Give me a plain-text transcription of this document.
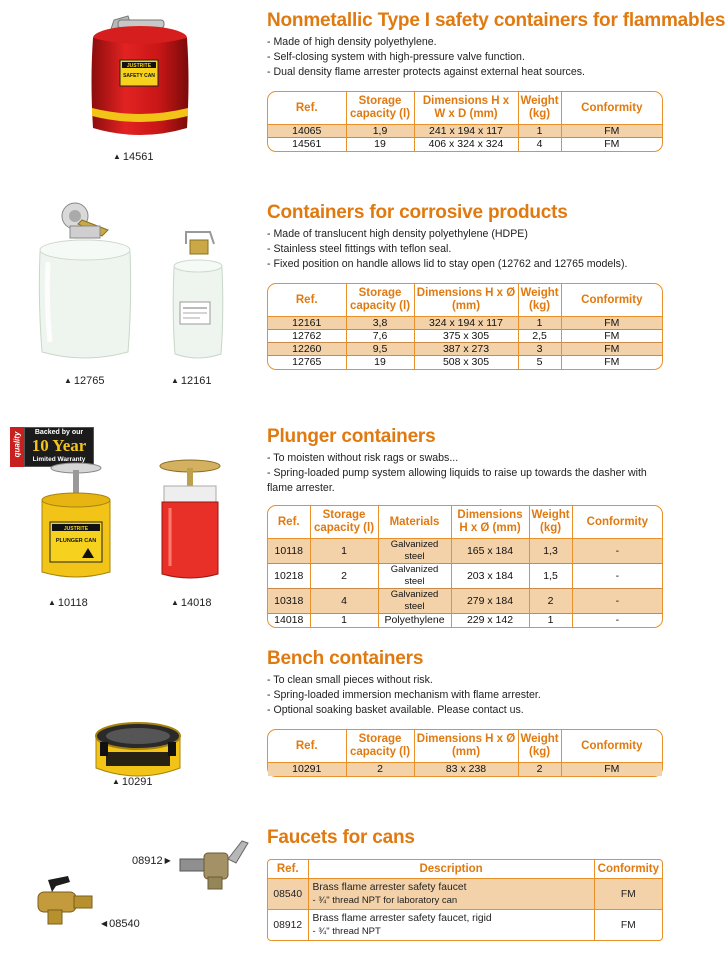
JUSTRITE
SAFETY CAN
▲ 14561
Nonmetallic Type I safety containers for flammables
- Made of high density polyethylene.
- Self-closing system with high-pressure valve function.
- Dual density flame arrester protects against external heat sources.
Ref.	Storage capacity (l)	Dimensions H x W x D (mm)	Weight (kg)	Conformity
14065	1,9	241 x 194 x 117	1	FM
14561	19	406 x 324 x 324	4	FM
▲ 12765	▲ 12161
Containers for corrosive products
- Made of translucent high density polyethylene (HDPE)
- Stainless steel fittings with teflon seal.
- Fixed position on handle allows lid to stay open (12762 and 12765 models).
Ref.	Storage capacity (l)	Dimensions H x Ø (mm)	Weight (kg)	Conformity
12161	3,8	324 x 194 x 117	1	FM
12762	7,6	375 x 305	2,5	FM
12260	9,5	387 x 273	3	FM
12765	19	508 x 305	5	FM
quality	Backed by our
10 Year
Limited Warranty
JUSTRITE
PLUNGER CAN
▲ 10118	▲ 14018
Plunger containers
- To moisten without risk rags or swabs...
- Spring-loaded pump system allowing liquids to raise up towards the dasher with flame arrester.
Ref.	Storage capacity (l)	Materials	Dimensions H x Ø (mm)	Weight (kg)	Conformity
10118	1	Galvanized steel	165 x 184	1,3	-
10218	2	Galvanized steel	203 x 184	1,5	-
10318	4	Galvanized steel	279 x 184	2	-
14018	1	Polyethylene	229 x 142	1	-
▲ 10291
Bench containers
- To clean small pieces without risk.
- Spring-loaded immersion mechanism with flame arrester.
- Optional soaking basket available. Please contact us.
Ref.	Storage capacity (l)	Dimensions H x Ø (mm)	Weight (kg)	Conformity
10291	2	83 x 238	2	FM
08912 ▶
◀ 08540
Faucets for cans
Ref.	Description	Conformity
08540	Brass flame arrester safety faucet
- ¾" thread NPT for laboratory can	FM
08912	Brass flame arrester safety faucet, rigid
- ¾" thread NPT	FM
